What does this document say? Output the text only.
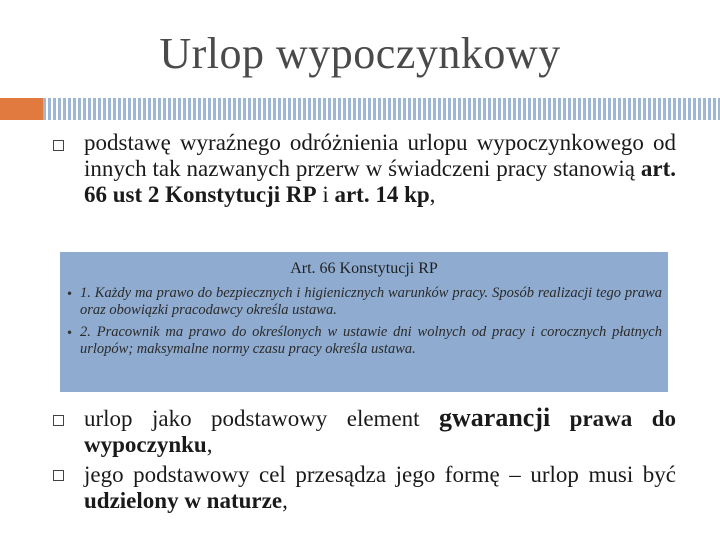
Urlop wypoczynkowy
podstawę wyraźnego odróżnienia urlopu wypoczynkowego od innych tak nazwanych przerw w świadczeni pracy stanowią art. 66 ust 2 Konstytucji RP i art. 14 kp,
Art. 66 Konstytucji RP
• 1. Każdy ma prawo do bezpiecznych i higienicznych warunków pracy. Sposób realizacji tego prawa oraz obowiązki pracodawcy określa ustawa.
• 2. Pracownik ma prawo do określonych w ustawie dni wolnych od pracy i corocznych płatnych urlopów; maksymalne normy czasu pracy określa ustawa.
urlop jako podstawowy element gwarancji prawa do wypoczynku,
jego podstawowy cel przesądza jego formę – urlop musi być udzielony w naturze,
